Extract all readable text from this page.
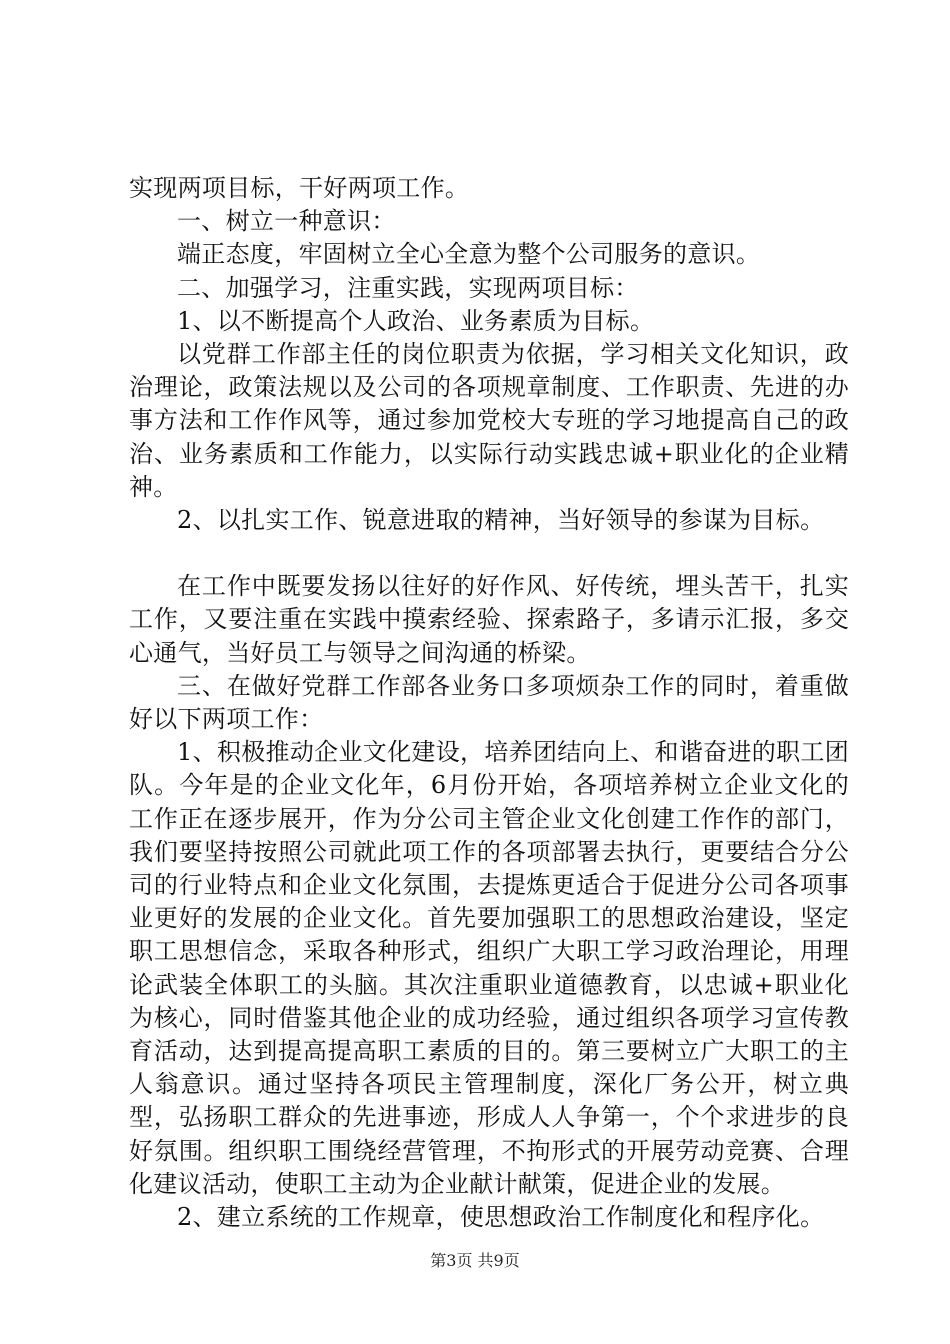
实现两项目标，干好两项工作。

一、树立一种意识：

端正态度，牢固树立全心全意为整个公司服务的意识。

二、加强学习，注重实践，实现两项目标：

1、以不断提高个人政治、业务素质为目标。

以党群工作部主任的岗位职责为依据，学习相关文化知识，政治理论，政策法规以及公司的各项规章制度、工作职责、先进的办事方法和工作作风等，通过参加党校大专班的学习地提高自己的政治、业务素质和工作能力，以实际行动实践忠诚+职业化的企业精神。

2、以扎实工作、锐意进取的精神，当好领导的参谋为目标。

在工作中既要发扬以往好的好作风、好传统，埋头苦干，扎实工作，又要注重在实践中摸索经验、探索路子，多请示汇报，多交心通气，当好员工与领导之间沟通的桥梁。

三、在做好党群工作部各业务口多项烦杂工作的同时，着重做好以下两项工作：

1、积极推动企业文化建设，培养团结向上、和谐奋进的职工团队。今年是的企业文化年，6月份开始，各项培养树立企业文化的工作正在逐步展开，作为分公司主管企业文化创建工作作的部门，我们要坚持按照公司就此项工作的各项部署去执行，更要结合分公司的行业特点和企业文化氛围，去提炼更适合于促进分公司各项事业更好的发展的企业文化。首先要加强职工的思想政治建设，坚定职工思想信念，采取各种形式，组织广大职工学习政治理论，用理论武装全体职工的头脑。其次注重职业道德教育，以忠诚+职业化为核心，同时借鉴其他企业的成功经验，通过组织各项学习宣传教育活动，达到提高提高职工素质的目的。第三要树立广大职工的主人翁意识。通过坚持各项民主管理制度，深化厂务公开，树立典型，弘扬职工群众的先进事迹，形成人人争第一，个个求进步的良好氛围。组织职工围绕经营管理，不拘形式的开展劳动竞赛、合理化建议活动，使职工主动为企业献计献策，促进企业的发展。

2、建立系统的工作规章，使思想政治工作制度化和程序化。

第3页 共9页
